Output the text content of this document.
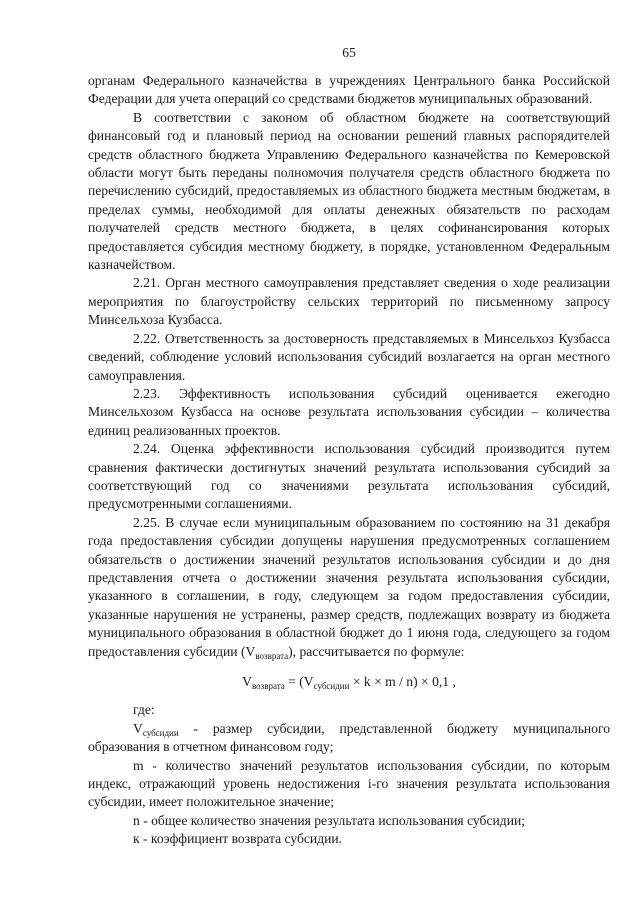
65

органам Федерального казначейства в учреждениях Центрального банка Российской Федерации для учета операций со средствами бюджетов муниципальных образований.

В соответствии с законом об областном бюджете на соответствующий финансовый год и плановый период на основании решений главных распорядителей средств областного бюджета Управлению Федерального казначейства по Кемеровской области могут быть переданы полномочия получателя средств областного бюджета по перечислению субсидий, предоставляемых из областного бюджета местным бюджетам, в пределах суммы, необходимой для оплаты денежных обязательств по расходам получателей средств местного бюджета, в целях софинансирования которых предоставляется субсидия местному бюджету, в порядке, установленном Федеральным казначейством.

2.21. Орган местного самоуправления представляет сведения о ходе реализации мероприятия по благоустройству сельских территорий по письменному запросу Минсельхоза Кузбасса.

2.22. Ответственность за достоверность представляемых в Минсельхоз Кузбасса сведений, соблюдение условий использования субсидий возлагается на орган местного самоуправления.

2.23. Эффективность использования субсидий оценивается ежегодно Минсельхозом Кузбасса на основе результата использования субсидии – количества единиц реализованных проектов.

2.24. Оценка эффективности использования субсидий производится путем сравнения фактически достигнутых значений результата использования субсидий за соответствующий год со значениями результата использования субсидий, предусмотренными соглашениями.

2.25. В случае если муниципальным образованием по состоянию на 31 декабря года предоставления субсидии допущены нарушения предусмотренных соглашением обязательств о достижении значений результатов использования субсидии и до дня представления отчета о достижении значения результата использования субсидии, указанного в соглашении, в году, следующем за годом предоставления субсидии, указанные нарушения не устранены, размер средств, подлежащих возврату из бюджета муниципального образования в областной бюджет до 1 июня года, следующего за годом предоставления субсидии $(V_{возврата})$, рассчитывается по формуле:

$V_{возврата} = (V_{субсидии} \times k \times m / n) \times 0,1$ ,

где:

$V_{субсидии}$ - размер субсидии, представленной бюджету муниципального образования в отчетном финансовом году;

m - количество значений результатов использования субсидии, по которым индекс, отражающий уровень недостижения i-го значения результата использования субсидии, имеет положительное значение;

n - общее количество значения результата использования субсидии;

к - коэффициент возврата субсидии.
